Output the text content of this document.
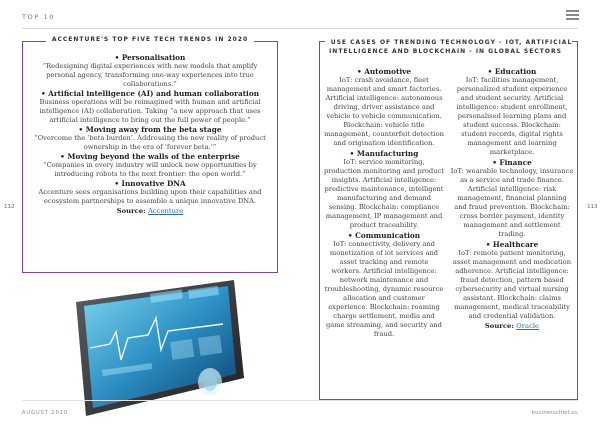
TOP 10
112	113
ACCENTURE'S TOP FIVE TECH TRENDS IN 2020
• Personalisation
“Redesigning digital experiences with new models that amplify personal agency, transforming one-way experiences into true collaborations.”
• Artificial intelligence (AI) and human collaboration
Business operations will be reimagined with human and artificial intelligence (AI) collaboration. Taking “a new approach that uses artificial intelligence to bring out the full power of people.”
• Moving away from the beta stage
“Overcome the ‘beta burden’. Addressing the new reality of product ownership in the era of ‘forever beta.’”
• Moving beyond the walls of the enterprise
“Companies in every industry will unlock new opportunities by introducing robots to the next frontier: the open world.”
• Innovative DNA
Accenture sees organisations building upon their capabilities and ecosystem partnerships to assemble a unique innovative DNA.
Source: Accenture
USE CASES OF TRENDING TECHNOLOGY - IOT, ARTIFICIAL INTELLIGENCE AND BLOCKCHAIN - IN GLOBAL SECTORS
• Automotive
IoT: crash avoidance, fleet management and smart factories. Artificial intelligence: autonomous driving, driver assistance and vehicle to vehicle communication. Blockchain: vehicle title management, counterfeit detection and origination identification.
• Manufacturing
IoT: service monitoring, production monitoring and product insights. Artificial intelligence: predictive maintenance, intelligent manufacturing and demand sensing. Blockchain: compliance management, IP management and product traceability.
• Communication
IoT: connectivity, delivery and monetization of iot services and asset tracking and remote workers. Artificial intelligence: network maintenance and troubleshooting, dynamic resource allocation and customer experience. Blockchain: roaming charge settlement, media and game streaming, and security and fraud.
• Education
IoT: facilities management, personalized student experience and student security. Artificial intelligence: student enrollment, personalised learning plans and student success. Blockchain: student records, digital rights management and learning marketplace.
• Finance
IoT: wearable technology, insurance as a service and trade finance. Artificial intelligence: risk management, financial planning and fraud prevention. Blockchain: cross border payment, identity management and settlement trading.
• Healthcare
IoT: remote patient monitoring, asset management and medication adherence. Artificial intelligence: fraud detection, pattern based cybersecurity and virtual nursing assistant. Blockchain: claims management, medical traceability and credential validation.
Source: Oracle
AUGUST 2020	businesschief.eu
